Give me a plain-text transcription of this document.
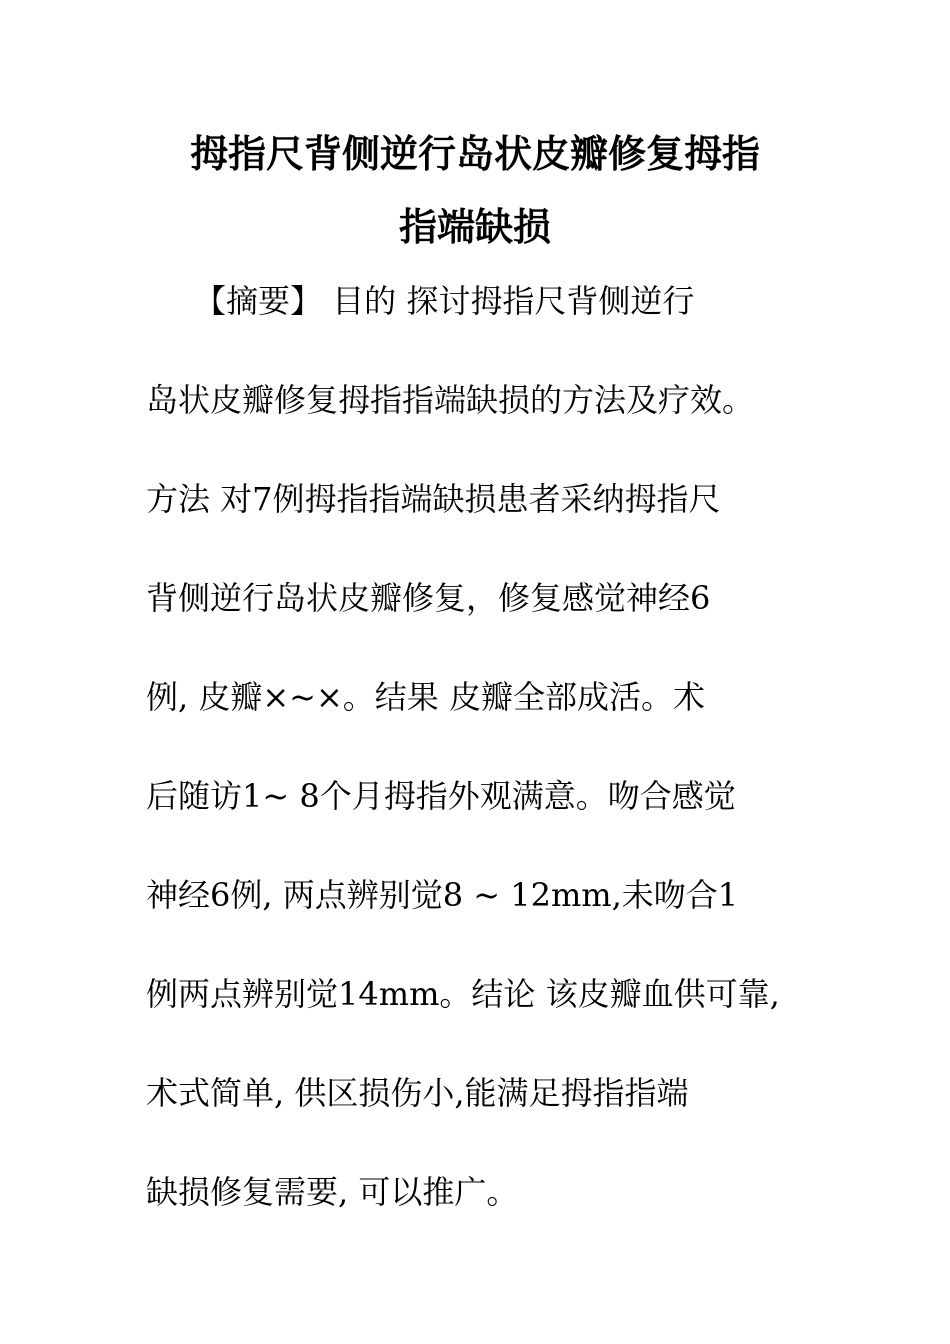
拇指尺背侧逆行岛状皮瓣修复拇指
指端缺损
　　【摘要】 目的 探讨拇指尺背侧逆行
岛状皮瓣修复拇指指端缺损的方法及疗效。
方法 对7例拇指指端缺损患者采纳拇指尺
背侧逆行岛状皮瓣修复，修复感觉神经6
例, 皮瓣×~×。结果 皮瓣全部成活。术
后随访1~ 8个月拇指外观满意。吻合感觉
神经6例, 两点辨别觉8 ~ 12mm,未吻合1
例两点辨别觉14mm。结论 该皮瓣血供可靠,
术式简单, 供区损伤小,能满足拇指指端
缺损修复需要, 可以推广。
